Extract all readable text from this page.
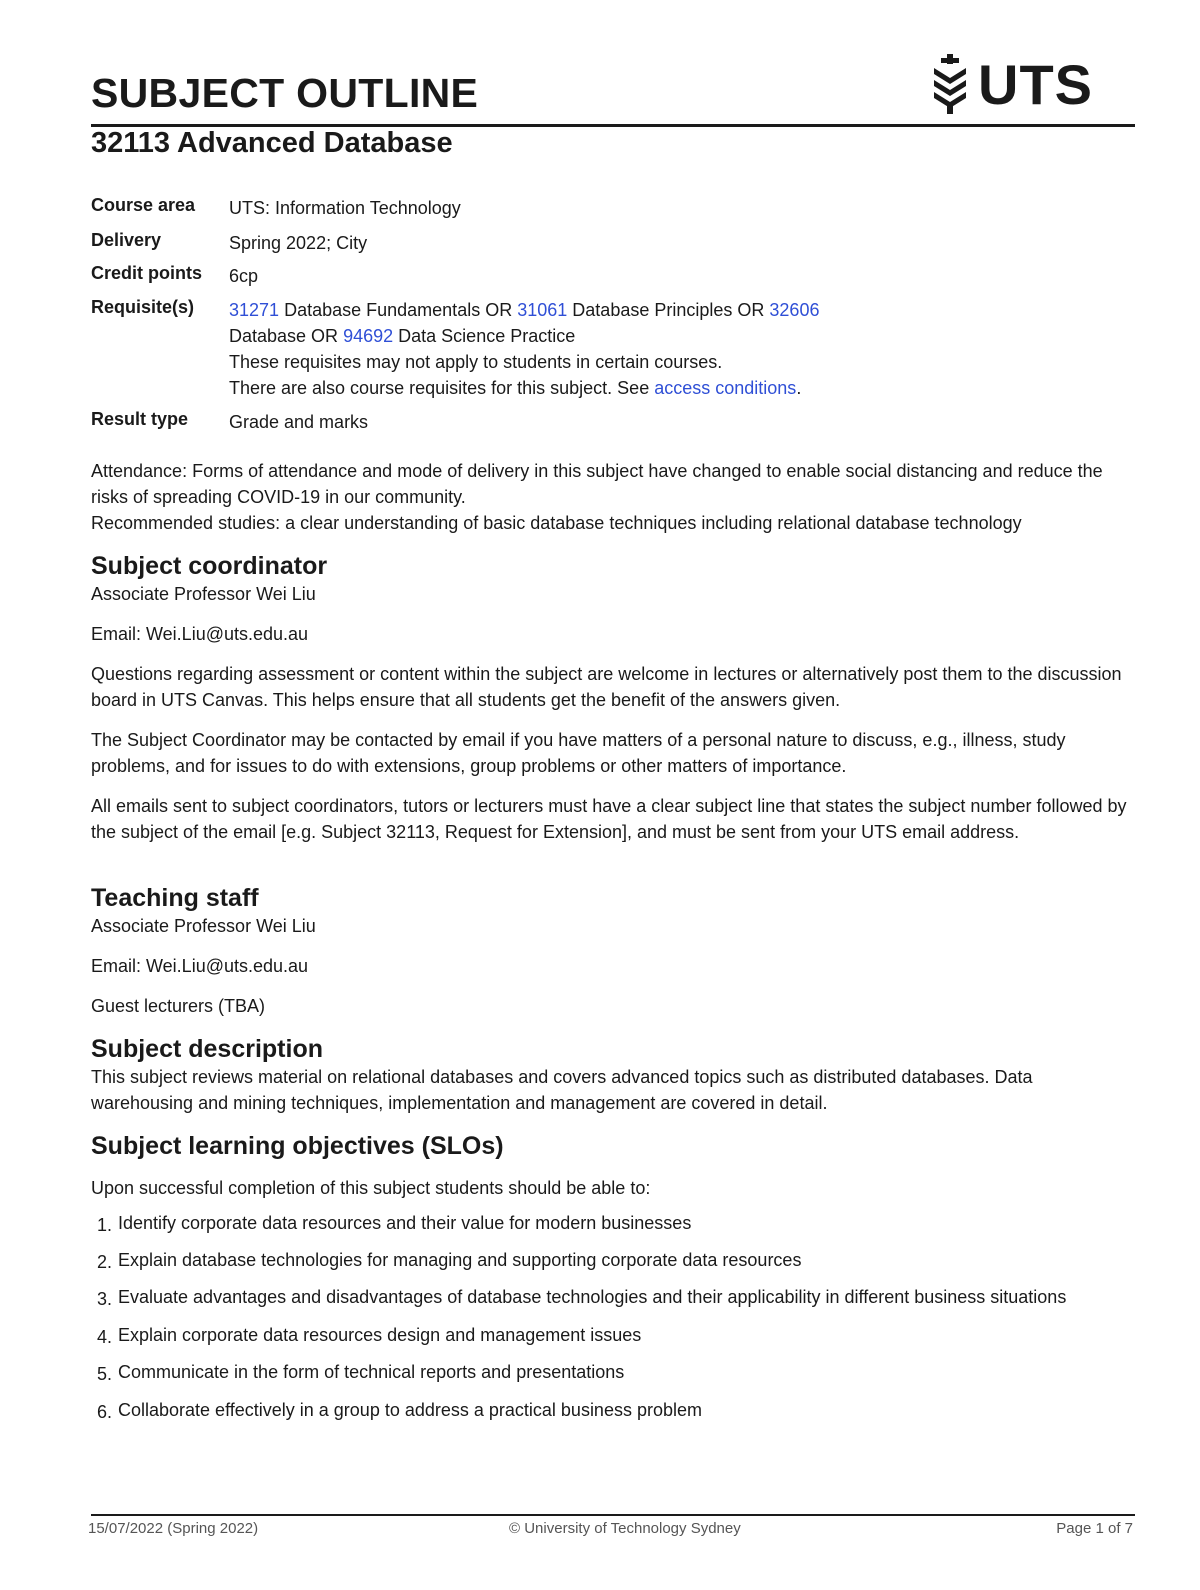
SUBJECT OUTLINE	UTS
32113 Advanced Database
Course area	UTS: Information Technology
Delivery	Spring 2022; City
Credit points	6cp
Requisite(s)	31271 Database Fundamentals OR 31061 Database Principles OR 32606
Database OR 94692 Data Science Practice
These requisites may not apply to students in certain courses.
There are also course requisites for this subject. See access conditions.
Result type	Grade and marks

Attendance: Forms of attendance and mode of delivery in this subject have changed to enable social distancing and reduce the risks of spreading COVID-19 in our community.

Recommended studies: a clear understanding of basic database techniques including relational database technology

Subject coordinator

Associate Professor Wei Liu

Email: Wei.Liu@uts.edu.au

Questions regarding assessment or content within the subject are welcome in lectures or alternatively post them to the discussion board in UTS Canvas. This helps ensure that all students get the benefit of the answers given.

The Subject Coordinator may be contacted by email if you have matters of a personal nature to discuss, e.g., illness, study problems, and for issues to do with extensions, group problems or other matters of importance.

All emails sent to subject coordinators, tutors or lecturers must have a clear subject line that states the subject number followed by the subject of the email [e.g. Subject 32113, Request for Extension], and must be sent from your UTS email address.

Teaching staff

Associate Professor Wei Liu

Email: Wei.Liu@uts.edu.au

Guest lecturers (TBA)

Subject description

This subject reviews material on relational databases and covers advanced topics such as distributed databases. Data warehousing and mining techniques, implementation and management are covered in detail.

Subject learning objectives (SLOs)

Upon successful completion of this subject students should be able to:

1. Identify corporate data resources and their value for modern businesses
2. Explain database technologies for managing and supporting corporate data resources
3. Evaluate advantages and disadvantages of database technologies and their applicability in different business situations
4. Explain corporate data resources design and management issues
5. Communicate in the form of technical reports and presentations
6. Collaborate effectively in a group to address a practical business problem
15/07/2022 (Spring 2022)	© University of Technology Sydney	Page 1 of 7
